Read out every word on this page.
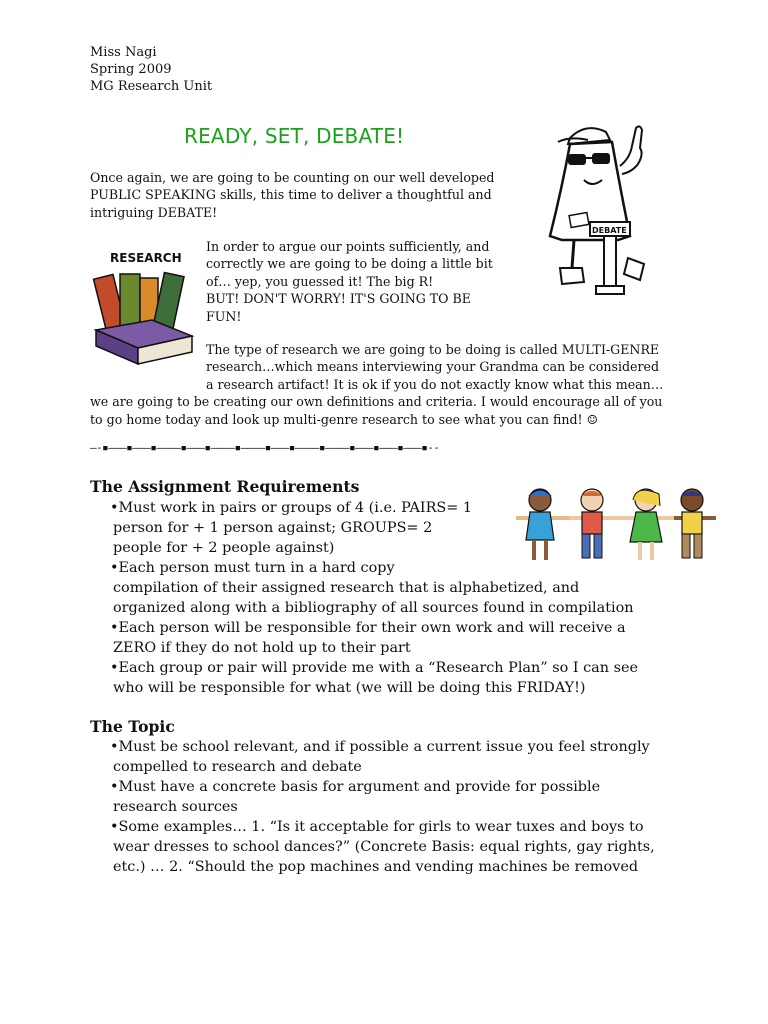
Miss Nagi
Spring 2009
MG Research Unit
READY, SET, DEBATE!
DEBATE
Once again, we are going to be counting on our well developed
PUBLIC SPEAKING skills, this time to deliver a thoughtful and
intriguing DEBATE!
RESEARCH
In order to argue our points sufficiently, and
correctly we are going to be doing a little bit
of… yep, you guessed it! The big R!
BUT! DON'T WORRY! IT'S GOING TO BE
FUN!
The type of research we are going to be doing is called MULTI-GENRE
research…which means interviewing your Grandma can be considered
a research artifact! It is ok if you do not exactly know what this mean…
we are going to be creating our own definitions and criteria. I would encourage all of you
to go home today and look up multi-genre research to see what you can find! ☺
—-▪———▪———▪————▪———▪————▪————▪———▪————▪————▪———▪———▪———▪--
The Assignment Requirements
•Must work in pairs or groups of 4 (i.e. PAIRS= 1
person for + 1 person against; GROUPS= 2
people for + 2 people against)
•Each person must turn in a hard copy
compilation of their assigned research that is alphabetized, and
organized along with a bibliography of all sources found in compilation
•Each person will be responsible for their own work and will receive a
ZERO if they do not hold up to their part
•Each group or pair will provide me with a “Research Plan” so I can see
who will be responsible for what (we will be doing this FRIDAY!)
The Topic
•Must be school relevant, and if possible a current issue you feel strongly
compelled to research and debate
•Must have a concrete basis for argument and provide for possible
research sources
•Some examples… 1. “Is it acceptable for girls to wear tuxes and boys to
wear dresses to school dances?” (Concrete Basis: equal rights, gay rights,
etc.) … 2. “Should the pop machines and vending machines be removed
